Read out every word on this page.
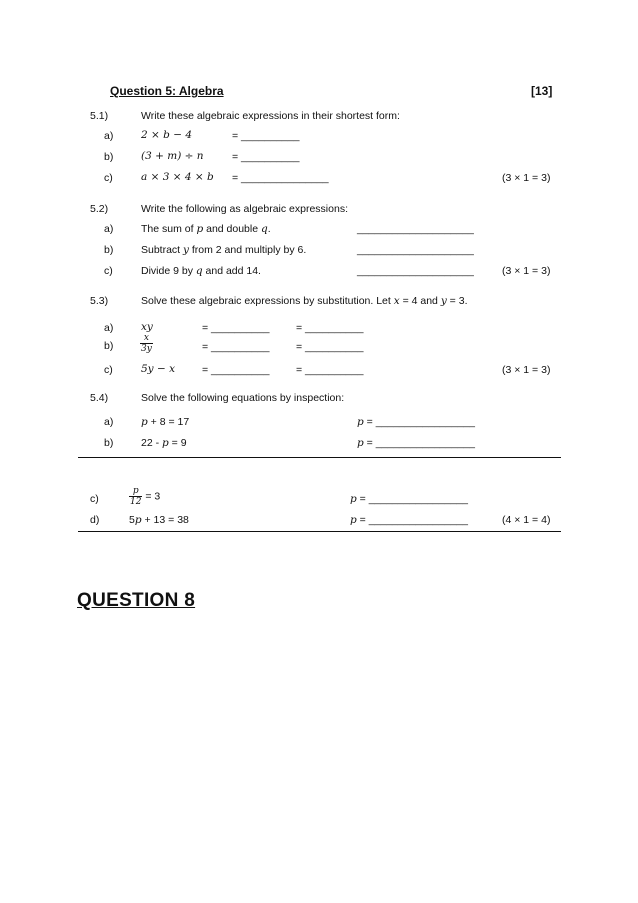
Question 5: Algebra	[13]
5.1)	Write these algebraic expressions in their shortest form:
a)	2 × b − 4	= __________
b)	(3 + m) ÷ n	= __________
c)	a × 3 × 4 × b = _______________	(3 × 1 = 3)
5.2)	Write the following as algebraic expressions:
a)	The sum of p and double q.	____________________
b)	Subtract y from 2 and multiply by 6.	____________________
c)	Divide 9 by q and add 14.	____________________	(3 × 1 = 3)
5.3)	Solve these algebraic expressions by substitution. Let x = 4 and y = 3.
a)	xy	= __________	= __________
b)	$\frac{x}{3y}$	= __________	= __________
c)	5y − x	= __________	= __________	(3 × 1 = 3)
5.4)	Solve the following equations by inspection:
a)	p + 8 = 17	p = _________________
b)	22 - p = 9	p = _________________
c)	$\frac{p}{12} = 3$	p = _________________
d)	5p + 13 = 38	p = _________________	(4 × 1 = 4)
QUESTION 8
